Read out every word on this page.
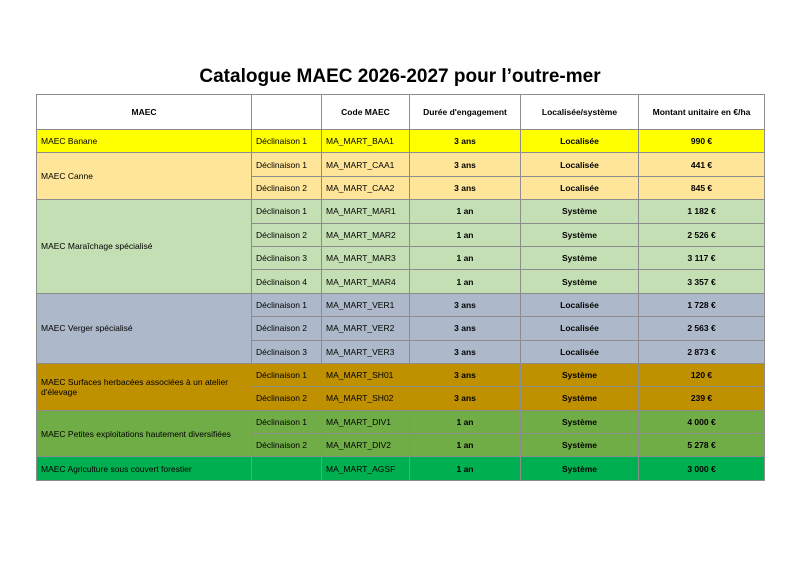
Catalogue MAEC 2026-2027 pour l’outre-mer
MAEC		Code MAEC	Durée d'engagement	Localisée/système	Montant unitaire en €/ha
MAEC Banane	Déclinaison 1	MA_MART_BAA1	3 ans	Localisée	990 €
MAEC Canne	Déclinaison 1	MA_MART_CAA1	3 ans	Localisée	441 €
	Déclinaison 2	MA_MART_CAA2	3 ans	Localisée	845 €
MAEC Maraîchage spécialisé	Déclinaison 1	MA_MART_MAR1	1 an	Système	1 182 €
	Déclinaison 2	MA_MART_MAR2	1 an	Système	2 526 €
	Déclinaison 3	MA_MART_MAR3	1 an	Système	3 117 €
	Déclinaison 4	MA_MART_MAR4	1 an	Système	3 357 €
MAEC Verger spécialisé	Déclinaison 1	MA_MART_VER1	3 ans	Localisée	1 728 €
	Déclinaison 2	MA_MART_VER2	3 ans	Localisée	2 563 €
	Déclinaison 3	MA_MART_VER3	3 ans	Localisée	2 873 €
MAEC Surfaces herbacées associées à un atelier d'élevage	Déclinaison 1	MA_MART_SH01	3 ans	Système	120 €
	Déclinaison 2	MA_MART_SH02	3 ans	Système	239 €
MAEC Petites exploitations hautement diversifiées	Déclinaison 1	MA_MART_DIV1	1 an	Système	4 000 €
	Déclinaison 2	MA_MART_DIV2	1 an	Système	5 278 €
MAEC Agriculture sous couvert forestier		MA_MART_AGSF	1 an	Système	3 000 €
